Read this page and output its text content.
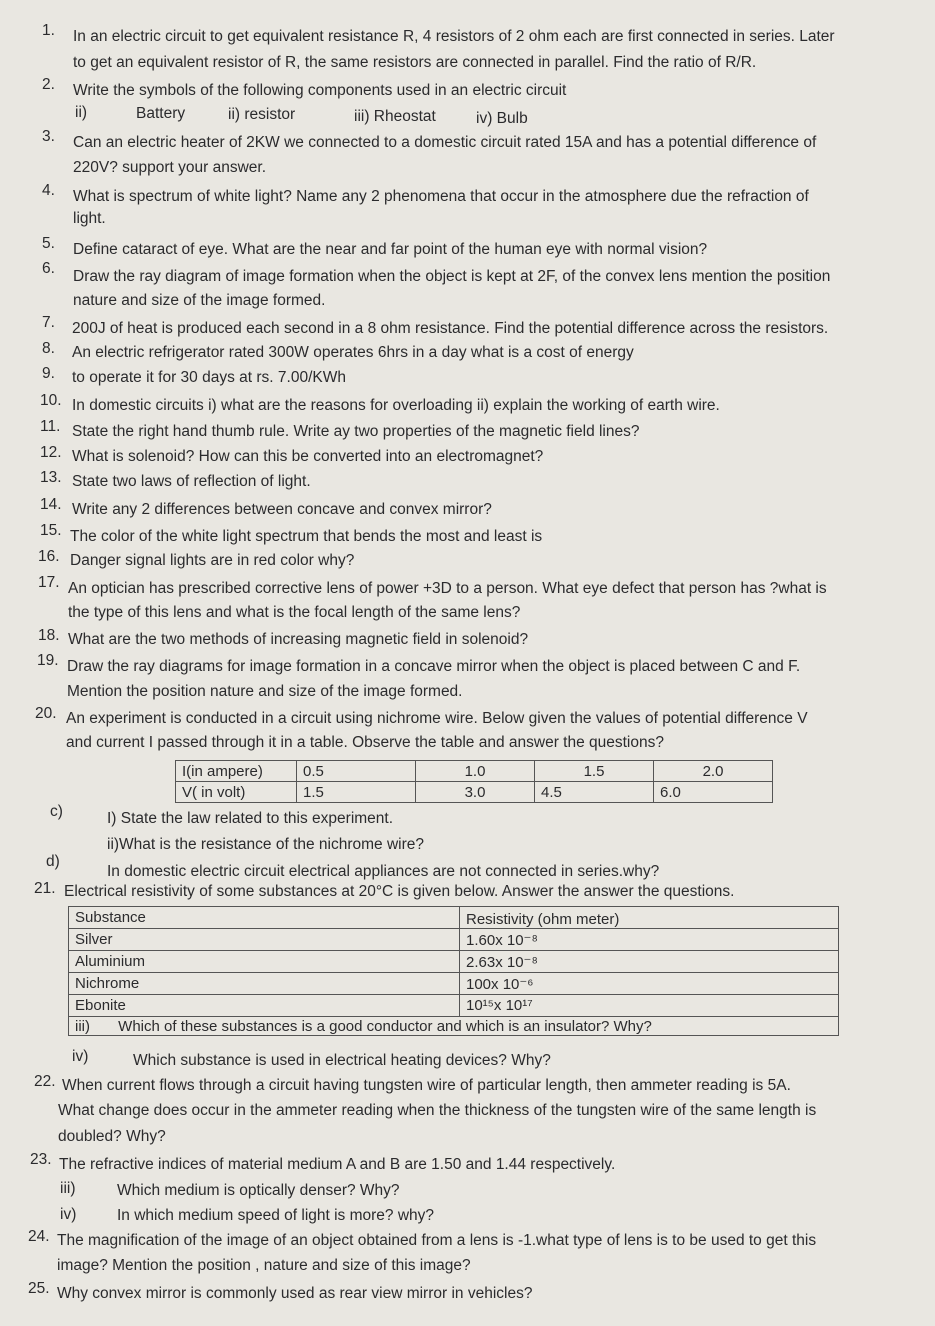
1. In an electric circuit to get equivalent resistance R, 4 resistors of 2 ohm each are first connected in series. Later
to get an equivalent resistor of R, the same resistors are connected in parallel. Find the ratio of R/R.
2. Write the symbols of the following components used in an electric circuit
ii)	Battery	ii) resistor	iii) Rheostat	iv) Bulb
3. Can an electric heater of 2KW we connected to a domestic circuit rated 15A and has a potential difference of
220V? support your answer.
4. What is spectrum of white light? Name any 2 phenomena that occur in the atmosphere due the refraction of
light.
5. Define cataract of eye. What are the near and far point of the human eye with normal vision?
6. Draw the ray diagram of image formation when the object is kept at 2F, of the convex lens mention the position
nature and size of the image formed.
7. 200J of heat is produced each second in a 8 ohm resistance. Find the potential difference across the resistors.
8. An electric refrigerator rated 300W operates 6hrs in a day what is a cost of energy
9. to operate it for 30 days at rs. 7.00/KWh
10. In domestic circuits i) what are the reasons for overloading ii) explain the working of earth wire.
11. State the right hand thumb rule. Write ay two properties of the magnetic field lines?
12. What is solenoid? How can this be converted into an electromagnet?
13. State two laws of reflection of light.
14. Write any 2 differences between concave and convex mirror?
15. The color of the white light spectrum that bends the most and least is
16. Danger signal lights are in red color why?
17. An optician has prescribed corrective lens of power +3D to a person. What eye defect that person has ?what is
the type of this lens and what is the focal length of the same lens?
18. What are the two methods of increasing magnetic field in solenoid?
19. Draw the ray diagrams for image formation in a concave mirror when the object is placed between C and F.
Mention the position nature and size of the image formed.
20. An experiment is conducted in a circuit using nichrome wire. Below given the values of potential difference V
and current I passed through it in a table. Observe the table and answer the questions?
I(in ampere)	0.5	1.0	1.5	2.0
V( in volt)	1.5	3.0	4.5	6.0
c)	I) State the law related to this experiment.
ii)What is the resistance of the nichrome wire?
d)
In domestic electric circuit electrical appliances are not connected in series.why?
21. Electrical resistivity of some substances at 20°C is given below. Answer the answer the questions.
Substance	Resistivity (ohm meter)
Silver	1.60x 10⁻⁸
Aluminium	2.63x 10⁻⁸
Nichrome	100x 10⁻⁶
Ebonite	10¹⁵x 10¹⁷
iii) Which of these substances is a good conductor and which is an insulator? Why?	
iv)	Which substance is used in electrical heating devices? Why?
22. When current flows through a circuit having tungsten wire of particular length, then ammeter reading is 5A.
What change does occur in the ammeter reading when the thickness of the tungsten wire of the same length is
doubled? Why?
23. The refractive indices of material medium A and B are 1.50 and 1.44 respectively.
iii)	Which medium is optically denser? Why?
iv)	In which medium speed of light is more? why?
24. The magnification of the image of an object obtained from a lens is -1.what type of lens is to be used to get this
image? Mention the position , nature and size of this image?
25. Why convex mirror is commonly used as rear view mirror in vehicles?
